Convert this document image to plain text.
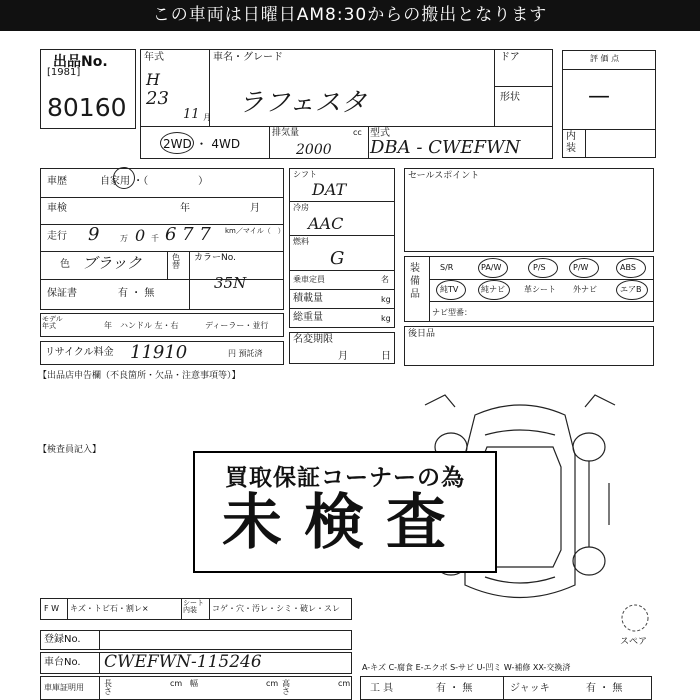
この車両は日曜日AM8:30からの搬出となります
出品No.
[1981]
80160
年式
H
23
11 月
車名・グレード
ラフェスタ
ドア
形状
2WD ・ 4WD
排気量	cc
2000
型式
DBA - CWEFWN
評 価 点
—
内
装
車歴	自家用 ・（　　　　　）
車検	年	月
走行 9	万 0 千 6 7 7 km／マイル（　）
色 ブラック	色替
カラーNo.
35N
保証書	有 ・ 無
モデル年式	年 ハンドル 左・右	ディーラー・並行
リサイクル料金 11910	円 預託済
シフト
DAT
冷房
AAC
燃料
G
乗車定員	名
積載量	kg
総重量	kg
名変期限
月	日
セールスポイント
装備品
S/R	PA/W	P/S	P/W	ABS
純TV	純ナビ 革シート 外ナビ	エアB
ナビ型番：
後日品
【出品店申告欄（不良箇所・欠品・注意事項等）】
【検査員記入】
買取保証コーナーの為
未検査
F W キズ・トビ石・割レ×
シート内装	コゲ・穴・汚レ・シミ・破レ・スレ
登録No.
車台No. CWEFWN-115246
車庫証明用	長さ
cm 幅	cm 高さ
cm
スペア
A-キズ C-腐食 E-エクボ S-サビ U-凹ミ W-補修 XX-交換済
工 具	有 ・ 無	ジャッキ	有 ・ 無
